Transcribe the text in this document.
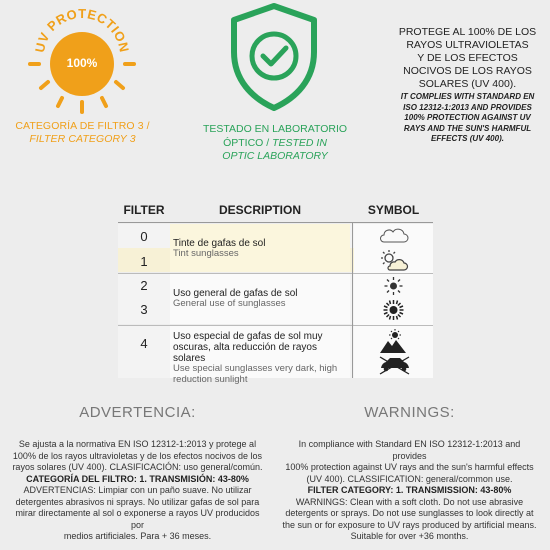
UV PROTECTION
100%
CATEGORÍA DE FILTRO 3 /
FILTER CATEGORY 3
TESTADO EN LABORATORIO
ÓPTICO / TESTED IN
OPTIC LABORATORY
PROTEGE AL 100% DE LOS
RAYOS ULTRAVIOLETAS
Y DE LOS EFECTOS
NOCIVOS DE LOS RAYOS
SOLARES (UV 400).
IT COMPLIES WITH STANDARD EN
ISO 12312-1:2013 AND PROVIDES
100% PROTECTION AGAINST UV
RAYS AND THE SUN'S HARMFUL
EFFECTS (UV 400).
FILTER	DESCRIPTION	SYMBOL
0
1
2
3
4
Tinte de gafas de sol
Tint sunglasses
Uso general de gafas de sol
General use of sunglasses
Uso especial de gafas de sol muy
oscuras, alta reducción de rayos solares
Use special sunglasses very dark, high
reduction sunlight
ADVERTENCIA:
Se ajusta a la normativa EN ISO 12312-1:2013 y protege al
100% de los rayos ultravioletas y de los efectos nocivos de los
rayos solares (UV 400). CLASIFICACIÓN: uso general/común.
CATEGORÍA DEL FILTRO: 1. TRANSMISIÓN: 43-80%
ADVERTENCIAS: Limpiar con un paño suave. No utilizar
detergentes abrasivos ni sprays. No utilizar gafas de sol para
mirar directamente al sol o exponerse a rayos UV producidos por
medios artificiales. Para + 36 meses.
WARNINGS:
In compliance with Standard EN ISO 12312-1:2013 and provides
100% protection against UV rays and the sun's harmful effects
(UV 400). CLASSIFICATION: general/common use.
FILTER CATEGORY: 1. TRANSMISSION: 43-80%
WARNINGS: Clean with a soft cloth. Do not use abrasive
detergents or sprays. Do not use sunglasses to look directly at
the sun or for exposure to UV rays produced by artificial means.
Suitable for over +36 months.
